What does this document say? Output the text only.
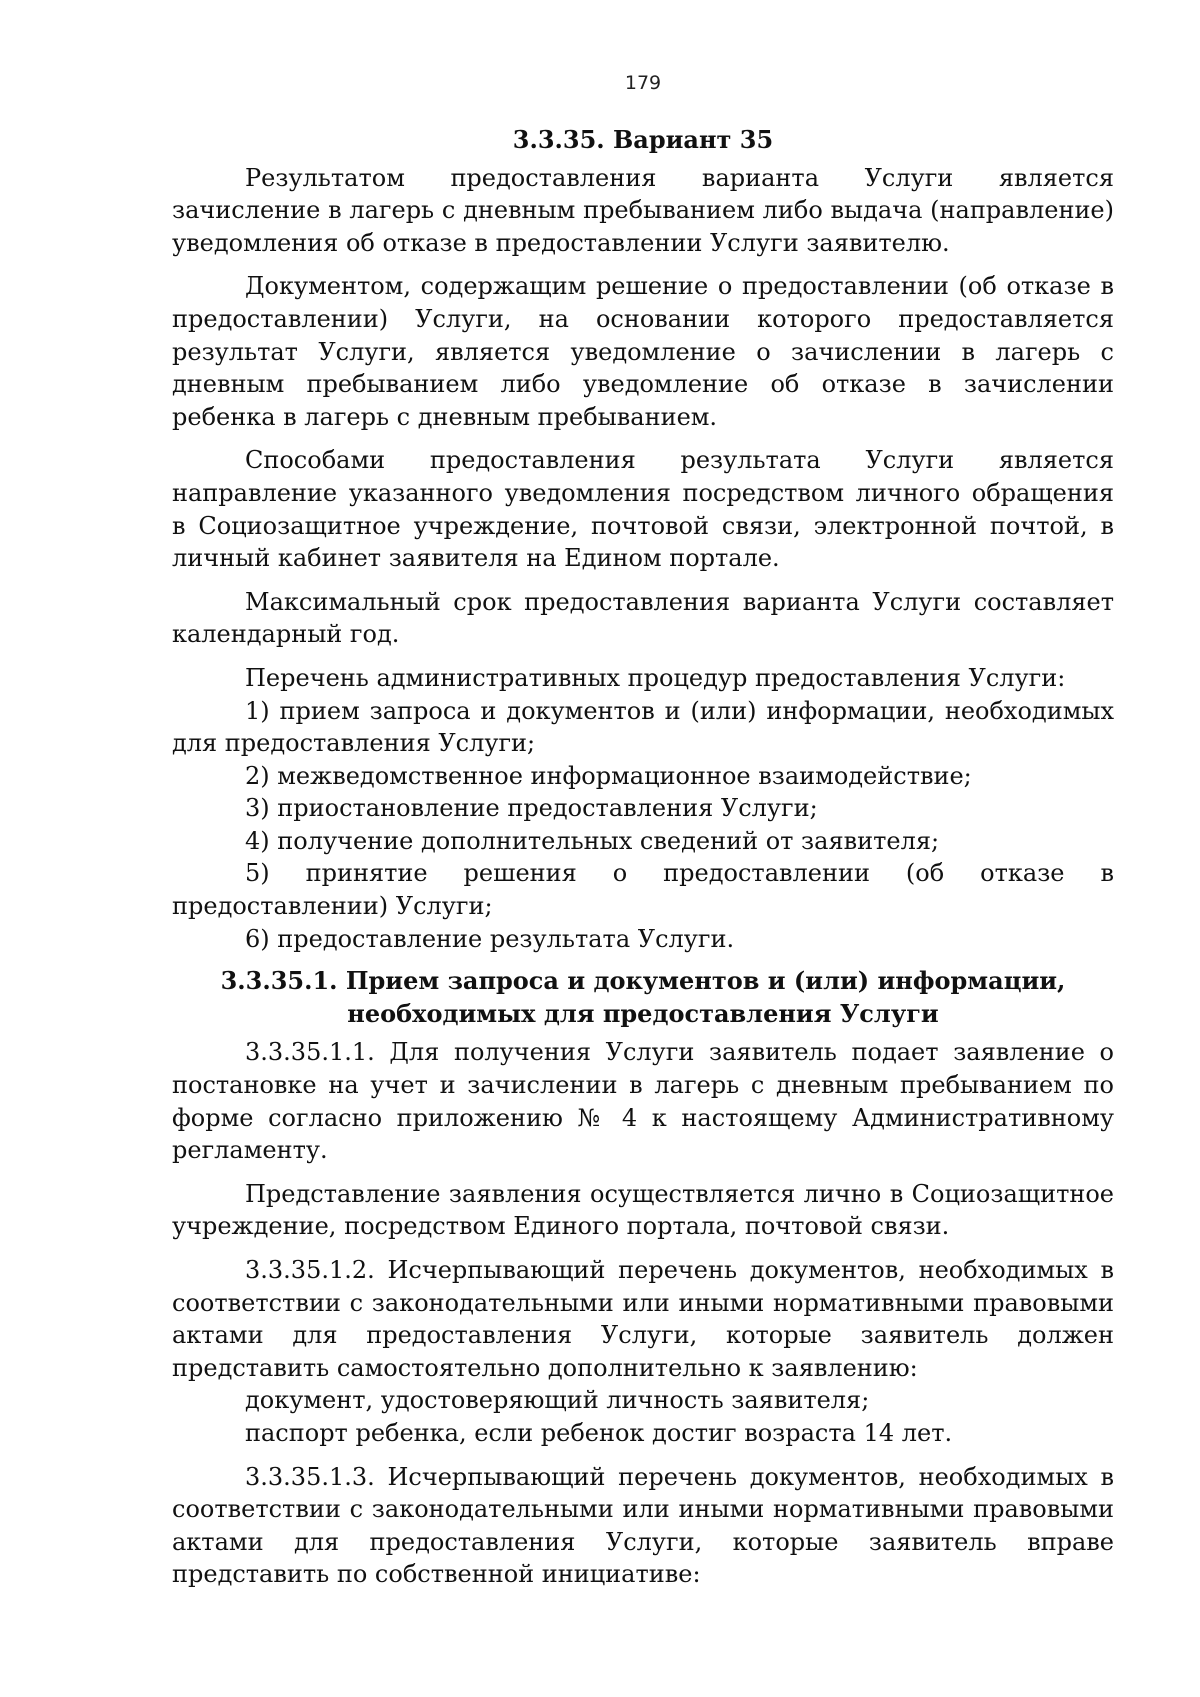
179
3.3.35. Вариант 35

Результатом предоставления варианта Услуги является зачисление в лагерь с дневным пребыванием либо выдача (направление) уведомления об отказе в предоставлении Услуги заявителю.

Документом, содержащим решение о предоставлении (об отказе в предоставлении) Услуги, на основании которого предоставляется результат Услуги, является уведомление о зачислении в лагерь с дневным пребыванием либо уведомление об отказе в зачислении ребенка в лагерь с дневным пребыванием.

Способами предоставления результата Услуги является направление указанного уведомления посредством личного обращения в Социозащитное учреждение, почтовой связи, электронной почтой, в личный кабинет заявителя на Едином портале.

Максимальный срок предоставления варианта Услуги составляет календарный год.

Перечень административных процедур предоставления Услуги:

1) прием запроса и документов и (или) информации, необходимых для предоставления Услуги;

2) межведомственное информационное взаимодействие;

3) приостановление предоставления Услуги;

4) получение дополнительных сведений от заявителя;

5) принятие решения о предоставлении (об отказе в предоставлении) Услуги;

6) предоставление результата Услуги.

3.3.35.1. Прием запроса и документов и (или) информации, необходимых для предоставления Услуги

3.3.35.1.1. Для получения Услуги заявитель подает заявление о постановке на учет и зачислении в лагерь с дневным пребыванием по форме согласно приложению № 4 к настоящему Административному регламенту.

Представление заявления осуществляется лично в Социозащитное учреждение, посредством Единого портала, почтовой связи.

3.3.35.1.2. Исчерпывающий перечень документов, необходимых в соответствии с законодательными или иными нормативными правовыми актами для предоставления Услуги, которые заявитель должен представить самостоятельно дополнительно к заявлению:

документ, удостоверяющий личность заявителя;

паспорт ребенка, если ребенок достиг возраста 14 лет.

3.3.35.1.3. Исчерпывающий перечень документов, необходимых в соответствии с законодательными или иными нормативными правовыми актами для предоставления Услуги, которые заявитель вправе представить по собственной инициативе:
